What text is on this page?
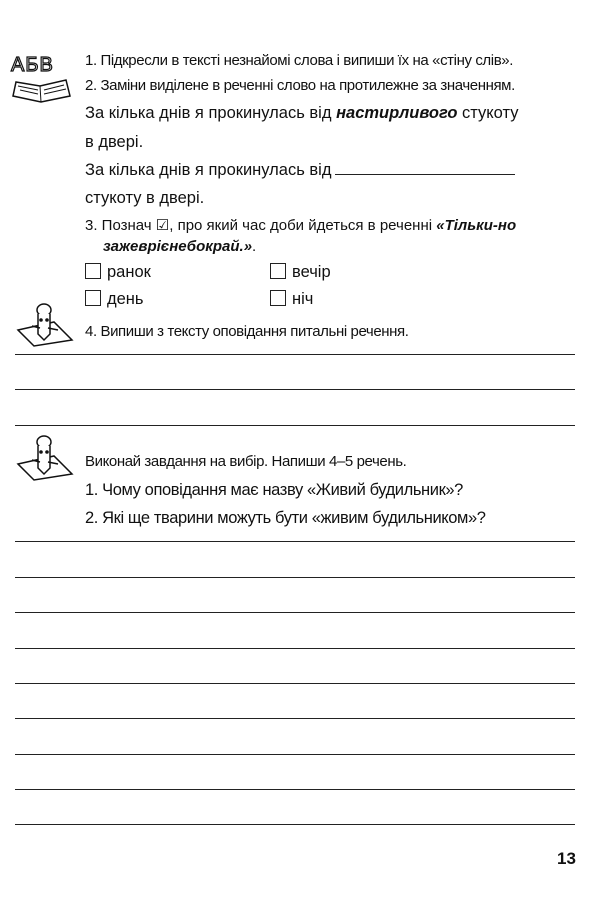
АБВ 1. Підкресли в тексті незнайомі слова і випиши їх на «стіну слів».
2. Заміни виділене в реченні слово на протилежне за значенням.
За кілька днів я прокинулась від настирливого стукоту
в двері.
За кілька днів я прокинулась від
стукоту в двері.
3. Познач ☑, про який час доби йдеться в реченні «Тільки-но
зажеврієнебокрай.».
ранок	вечір
день	ніч
4. Випиши з тексту оповідання питальні речення.
Виконай завдання на вибір. Напиши 4–5 речень.
1. Чому оповідання має назву «Живий будильник»?
2. Які ще тварини можуть бути «живим будильником»?
13
